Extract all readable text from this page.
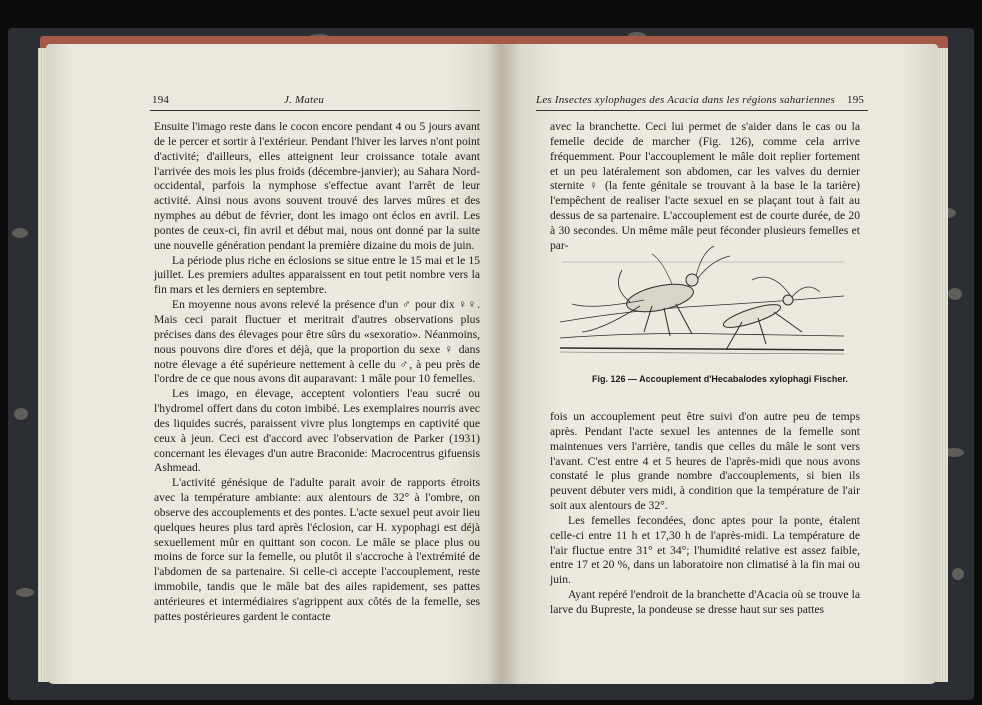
194	J. Mateu

Ensuite l'imago reste dans le cocon encore pendant 4 ou 5 jours avant de le percer et sortir à l'extérieur. Pendant l'hiver les larves n'ont point d'activité; d'ailleurs, elles atteignent leur croissance totale avant l'arrivée des mois les plus froids (décembre-janvier); au Sahara Nord-occidental, parfois la nymphose s'effectue avant l'arrêt de leur activité. Ainsi nous avons souvent trouvé des larves mûres et des nymphes au début de février, dont les imago ont éclos en avril. Les pontes de ceux-ci, fin avril et début mai, nous ont donné par la suite une nouvelle génération pendant la première dizaine du mois de juin.

La période plus riche en éclosions se situe entre le 15 mai et le 15 juillet. Les premiers adultes apparaissent en tout petit nombre vers la fin mars et les derniers en septembre.

En moyenne nous avons relevé la présence d'un ♂ pour dix ♀♀. Mais ceci parait fluctuer et meritrait d'autres observations plus précises dans des élevages pour être sûrs du «sexoratio». Néanmoins, nous pouvons dire d'ores et déjà, que la proportion du sexe ♀ dans notre élevage a été supérieure nettement à celle du ♂, à peu près de l'ordre de ce que nous avons dit auparavant: 1 mâle pour 10 femelles.

Les imago, en élevage, acceptent volontiers l'eau sucré ou l'hydromel offert dans du coton imbibé. Les exemplaires nourris avec des liquides sucrés, paraissent vivre plus longtemps en captivité que ceux à jeun. Ceci est d'accord avec l'observation de Parker (1931) concernant les élevages d'un autre Braconide: Macrocentrus gifuensis Ashmead.

L'activité génésique de l'adulte parait avoir de rapports étroits avec la température ambiante: aux alentours de 32° à l'ombre, on observe des accouplements et des pontes. L'acte sexuel peut avoir lieu quelques heures plus tard après l'éclosion, car H. xypophagi est déjà sexuellement mûr en quittant son cocon. Le mâle se place plus ou moins de force sur la femelle, ou plutôt il s'accroche à l'extrémité de l'abdomen de sa partenaire. Si celle-ci accepte l'accouplement, reste immobile, tandis que le mâle bat des ailes rapidement, ses pattes antérieures et intermédiaires s'agrippent aux côtés de la femelle, ses pattes postérieures gardent le contacte

Les Insectes xylophages des Acacia dans les régions sahariennes 195

avec la branchette. Ceci lui permet de s'aider dans le cas ou la femelle decide de marcher (Fig. 126), comme cela arrive fréquemment. Pour l'accouplement le mâle doit replier fortement et un peu latéralement son abdomen, car les valves du dernier sternite ♀ (la fente génitale se trouvant à la base le la tarière) l'empêchent de realiser l'acte sexuel en se plaçant tout à fait au dessus de sa partenaire. L'accouplement est de courte durée, de 20 à 30 secondes. Un même mâle peut féconder plusieurs femelles et par-

Fig. 126 — Accouplement d'Hecabalodes xylophagi Fischer.

fois un accouplement peut être suivi d'on autre peu de temps après. Pendant l'acte sexuel les antennes de la femelle sont maintenues vers l'arrière, tandis que celles du mâle le sont vers l'avant. C'est entre 4 et 5 heures de l'après-midi que nous avons constaté le plus grande nombre d'accouplements, si bien ils peuvent débuter vers midi, à condition que la température de l'air soit aux alentours de 32°.

Les femelles fecondées, donc aptes pour la ponte, étalent celle-ci entre 11 h et 17,30 h de l'après-midi. La température de l'air fluctue entre 31° et 34°; l'humidité relative est assez faible, entre 17 et 20 %, dans un laboratoire non climatisé à la fin mai ou juin.

Ayant repéré l'endroit de la branchette d'Acacia où se trouve la larve du Bupreste, la pondeuse se dresse haut sur ses pattes
